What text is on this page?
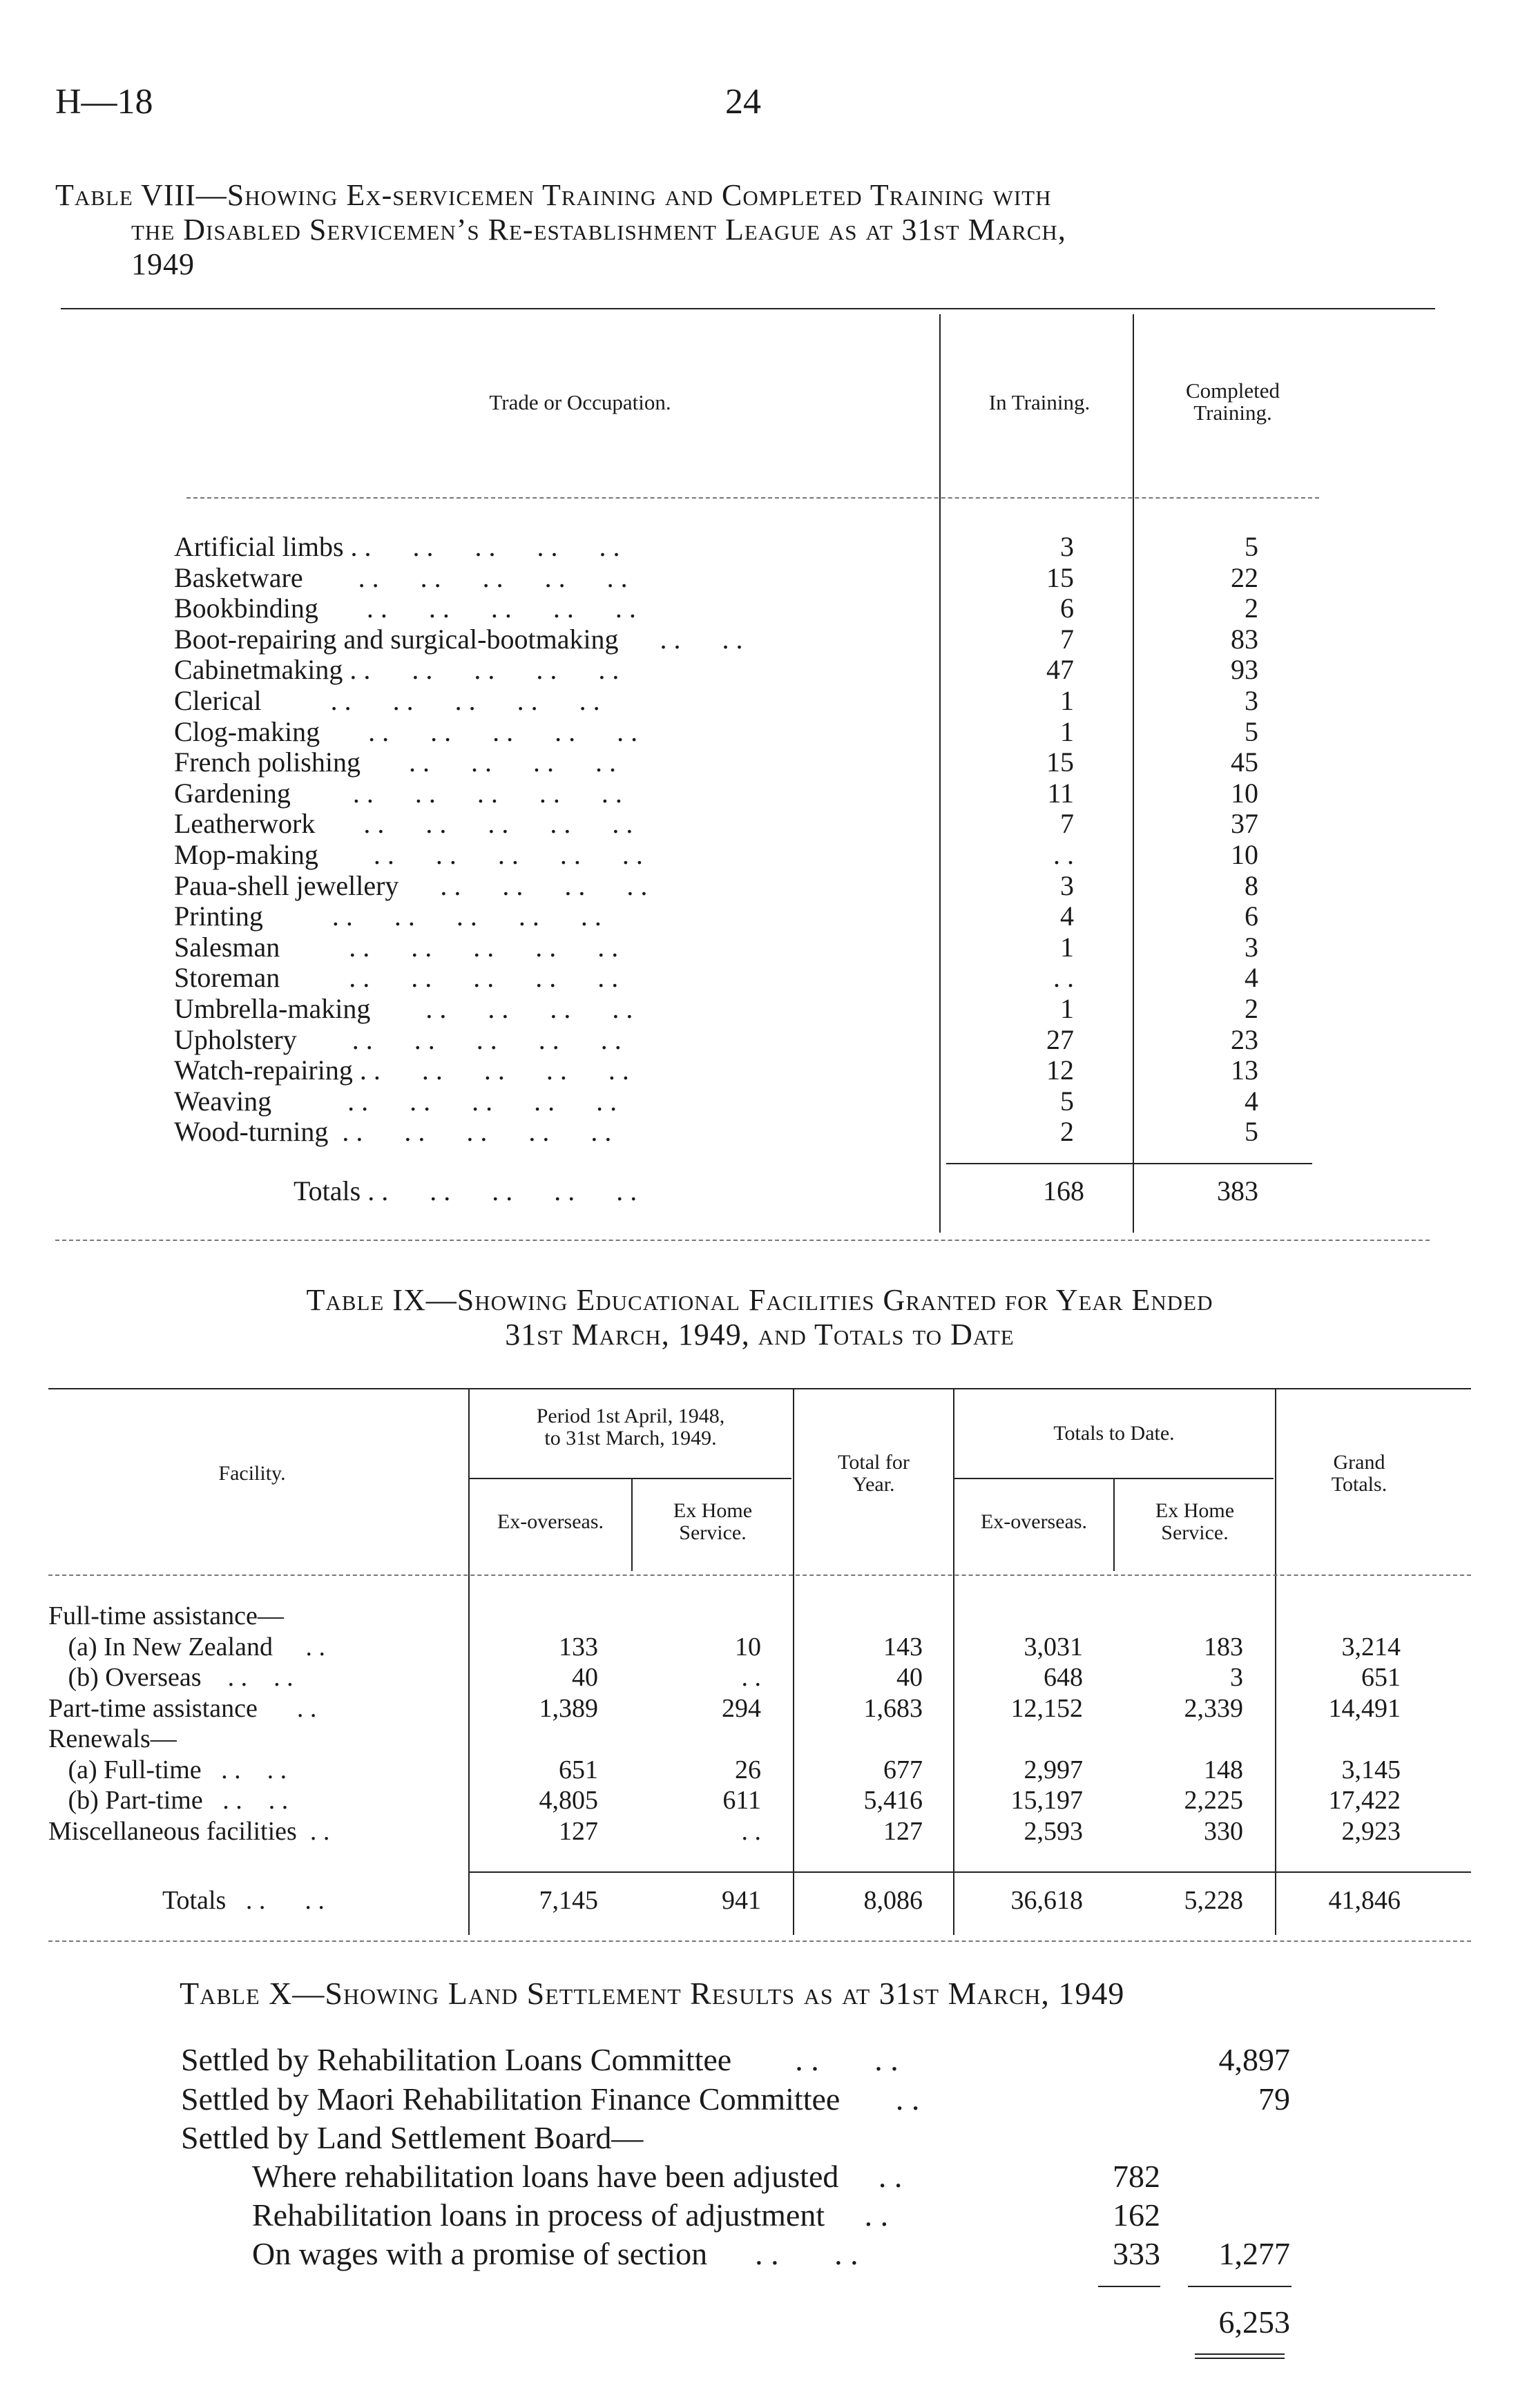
H—18	24
Table VIII—Showing Ex-servicemen Training and Completed Training with
the Disabled Servicemen’s Re-establishment League as at 31st March,
1949
Trade or Occupation.	In Training.	Completed
Training.
Artificial limbs . .      . .      . .      . .      . .	3	5
Basketware        . .      . .      . .      . .      . .	15	22
Bookbinding       . .      . .      . .      . .      . .	6	2
Boot-repairing and surgical-bootmaking      . .      . .	7	83
Cabinetmaking . .      . .      . .      . .      . .	47	93
Clerical          . .      . .      . .      . .      . .	1	3
Clog-making       . .      . .      . .      . .      . .	1	5
French polishing       . .      . .      . .      . .	15	45
Gardening         . .      . .      . .      . .      . .	11	10
Leatherwork       . .      . .      . .      . .      . .	7	37
Mop-making        . .      . .      . .      . .      . .	. .	10
Paua-shell jewellery      . .      . .      . .      . .	3	8
Printing          . .      . .      . .      . .      . .	4	6
Salesman          . .      . .      . .      . .      . .	1	3
Storeman          . .      . .      . .      . .      . .	. .	4
Umbrella-making        . .      . .      . .      . .	1	2
Upholstery        . .      . .      . .      . .      . .	27	23
Watch-repairing . .      . .      . .      . .      . .	12	13
Weaving           . .      . .      . .      . .      . .	5	4
Wood-turning  . .      . .      . .      . .      . .	2	5
Totals . .      . .      . .      . .      . .	168	383
Table IX—Showing Educational Facilities Granted for Year Ended
31st March, 1949, and Totals to Date
Facility.
Period 1st April, 1948,
to 31st March, 1949.
Ex-overseas.	Ex Home
Service.
Total for
Year.
Totals to Date.
Ex-overseas.	Ex Home
Service.
Grand
Totals.
Full-time assistance—
(a) In New Zealand     . .	133	10	143	3,031	183	3,214
(b) Overseas    . .    . .	40	. .	40	648	3	651
Part-time assistance      . .	1,389	294	1,683	12,152	2,339	14,491
Renewals—
(a) Full-time   . .    . .	651	26	677	2,997	148	3,145
(b) Part-time   . .    . .	4,805	611	5,416	15,197	2,225	17,422
Miscellaneous facilities  . .	127	. .	127	2,593	330	2,923
Totals   . .      . .	7,145	941	8,086	36,618	5,228	41,846
Table X—Showing Land Settlement Results as at 31st March, 1949
Settled by Rehabilitation Loans Committee        . .       . .	4,897
Settled by Maori Rehabilitation Finance Committee       . .	79
Settled by Land Settlement Board—
Where rehabilitation loans have been adjusted     . .	782
Rehabilitation loans in process of adjustment     . .	162
On wages with a promise of section      . .       . .	333	1,277
6,253
